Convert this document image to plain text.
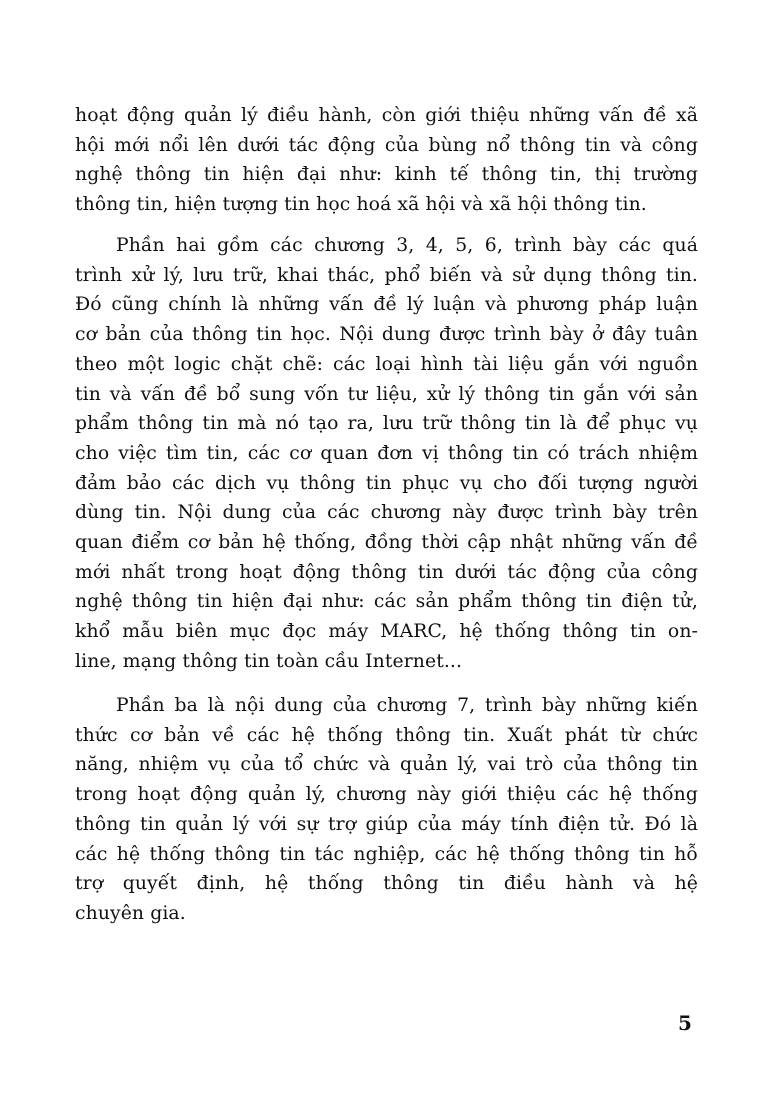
hoạt động quản lý điều hành, còn giới thiệu những vấn đề xã
hội mới nổi lên dưới tác động của bùng nổ thông tin và công
nghệ thông tin hiện đại như: kinh tế thông tin, thị trường
thông tin, hiện tượng tin học hoá xã hội và xã hội thông tin.
Phần hai gồm các chương 3, 4, 5, 6, trình bày các quá
trình xử lý, lưu trữ, khai thác, phổ biến và sử dụng thông tin.
Đó cũng chính là những vấn đề lý luận và phương pháp luận
cơ bản của thông tin học. Nội dung được trình bày ở đây tuân
theo một logic chặt chẽ: các loại hình tài liệu gắn với nguồn
tin và vấn đề bổ sung vốn tư liệu, xử lý thông tin gắn với sản
phẩm thông tin mà nó tạo ra, lưu trữ thông tin là để phục vụ
cho việc tìm tin, các cơ quan đơn vị thông tin có trách nhiệm
đảm bảo các dịch vụ thông tin phục vụ cho đối tượng người
dùng tin. Nội dung của các chương này được trình bày trên
quan điểm cơ bản hệ thống, đồng thời cập nhật những vấn đề
mới nhất trong hoạt động thông tin dưới tác động của công
nghệ thông tin hiện đại như: các sản phẩm thông tin điện tử,
khổ mẫu biên mục đọc máy MARC, hệ thống thông tin on-
line, mạng thông tin toàn cầu Internet...
Phần ba là nội dung của chương 7, trình bày những kiến
thức cơ bản về các hệ thống thông tin. Xuất phát từ chức
năng, nhiệm vụ của tổ chức và quản lý, vai trò của thông tin
trong hoạt động quản lý, chương này giới thiệu các hệ thống
thông tin quản lý với sự trợ giúp của máy tính điện tử. Đó là
các hệ thống thông tin tác nghiệp, các hệ thống thông tin hỗ
trợ quyết định, hệ thống thông tin điều hành và hệ
chuyên gia.
5
